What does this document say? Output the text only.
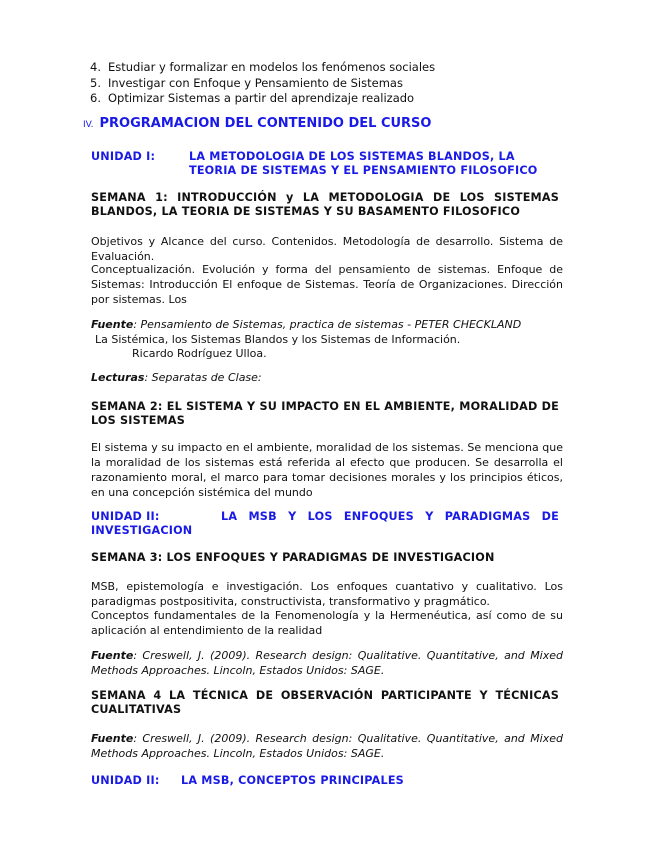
4. Estudiar y formalizar en modelos los fenómenos sociales
5. Investigar con Enfoque y Pensamiento de Sistemas
6. Optimizar Sistemas a partir del aprendizaje realizado
IV. PROGRAMACION DEL CONTENIDO DEL CURSO
UNIDAD I:	LA METODOLOGIA DE LOS SISTEMAS BLANDOS, LA
TEORIA DE SISTEMAS Y EL PENSAMIENTO FILOSOFICO
SEMANA 1: INTRODUCCIÓN y LA METODOLOGIA DE LOS SISTEMAS BLANDOS, LA TEORIA DE SISTEMAS Y SU BASAMENTO FILOSOFICO
Objetivos y Alcance del curso. Contenidos. Metodología de desarrollo. Sistema de Evaluación.
Conceptualización. Evolución y forma del pensamiento de sistemas. Enfoque de Sistemas: Introducción El enfoque de Sistemas. Teoría de Organizaciones. Dirección por sistemas. Los
Fuente: Pensamiento de Sistemas, practica de sistemas - PETER CHECKLAND
La Sistémica, los Sistemas Blandos y los Sistemas de Información.
Ricardo Rodríguez Ulloa.
Lecturas: Separatas de Clase:
SEMANA 2: EL SISTEMA Y SU IMPACTO EN EL AMBIENTE, MORALIDAD DE LOS SISTEMAS
El sistema y su impacto en el ambiente, moralidad de los sistemas. Se menciona que la moralidad de los sistemas está referida al efecto que producen. Se desarrolla el razonamiento moral, el marco para tomar decisiones morales y los principios éticos, en una concepción sistémica del mundo
UNIDAD II:	LA MSB Y LOS ENFOQUES Y PARADIGMAS DE INVESTIGACION
SEMANA 3: LOS ENFOQUES Y PARADIGMAS DE INVESTIGACION
MSB, epistemología e investigación. Los enfoques cuantativo y cualitativo. Los paradigmas postpositivita, constructivista, transformativo y pragmático.
Conceptos fundamentales de la Fenomenología y la Hermenéutica, así como de su aplicación al entendimiento de la realidad
Fuente: Creswell, J. (2009). Research design: Qualitative. Quantitative, and Mixed Methods Approaches. Lincoln, Estados Unidos: SAGE.
SEMANA 4 LA TÉCNICA DE OBSERVACIÓN PARTICIPANTE Y TÉCNICAS CUALITATIVAS
Fuente: Creswell, J. (2009). Research design: Qualitative. Quantitative, and Mixed Methods Approaches. Lincoln, Estados Unidos: SAGE.
UNIDAD II: LA MSB, CONCEPTOS PRINCIPALES
